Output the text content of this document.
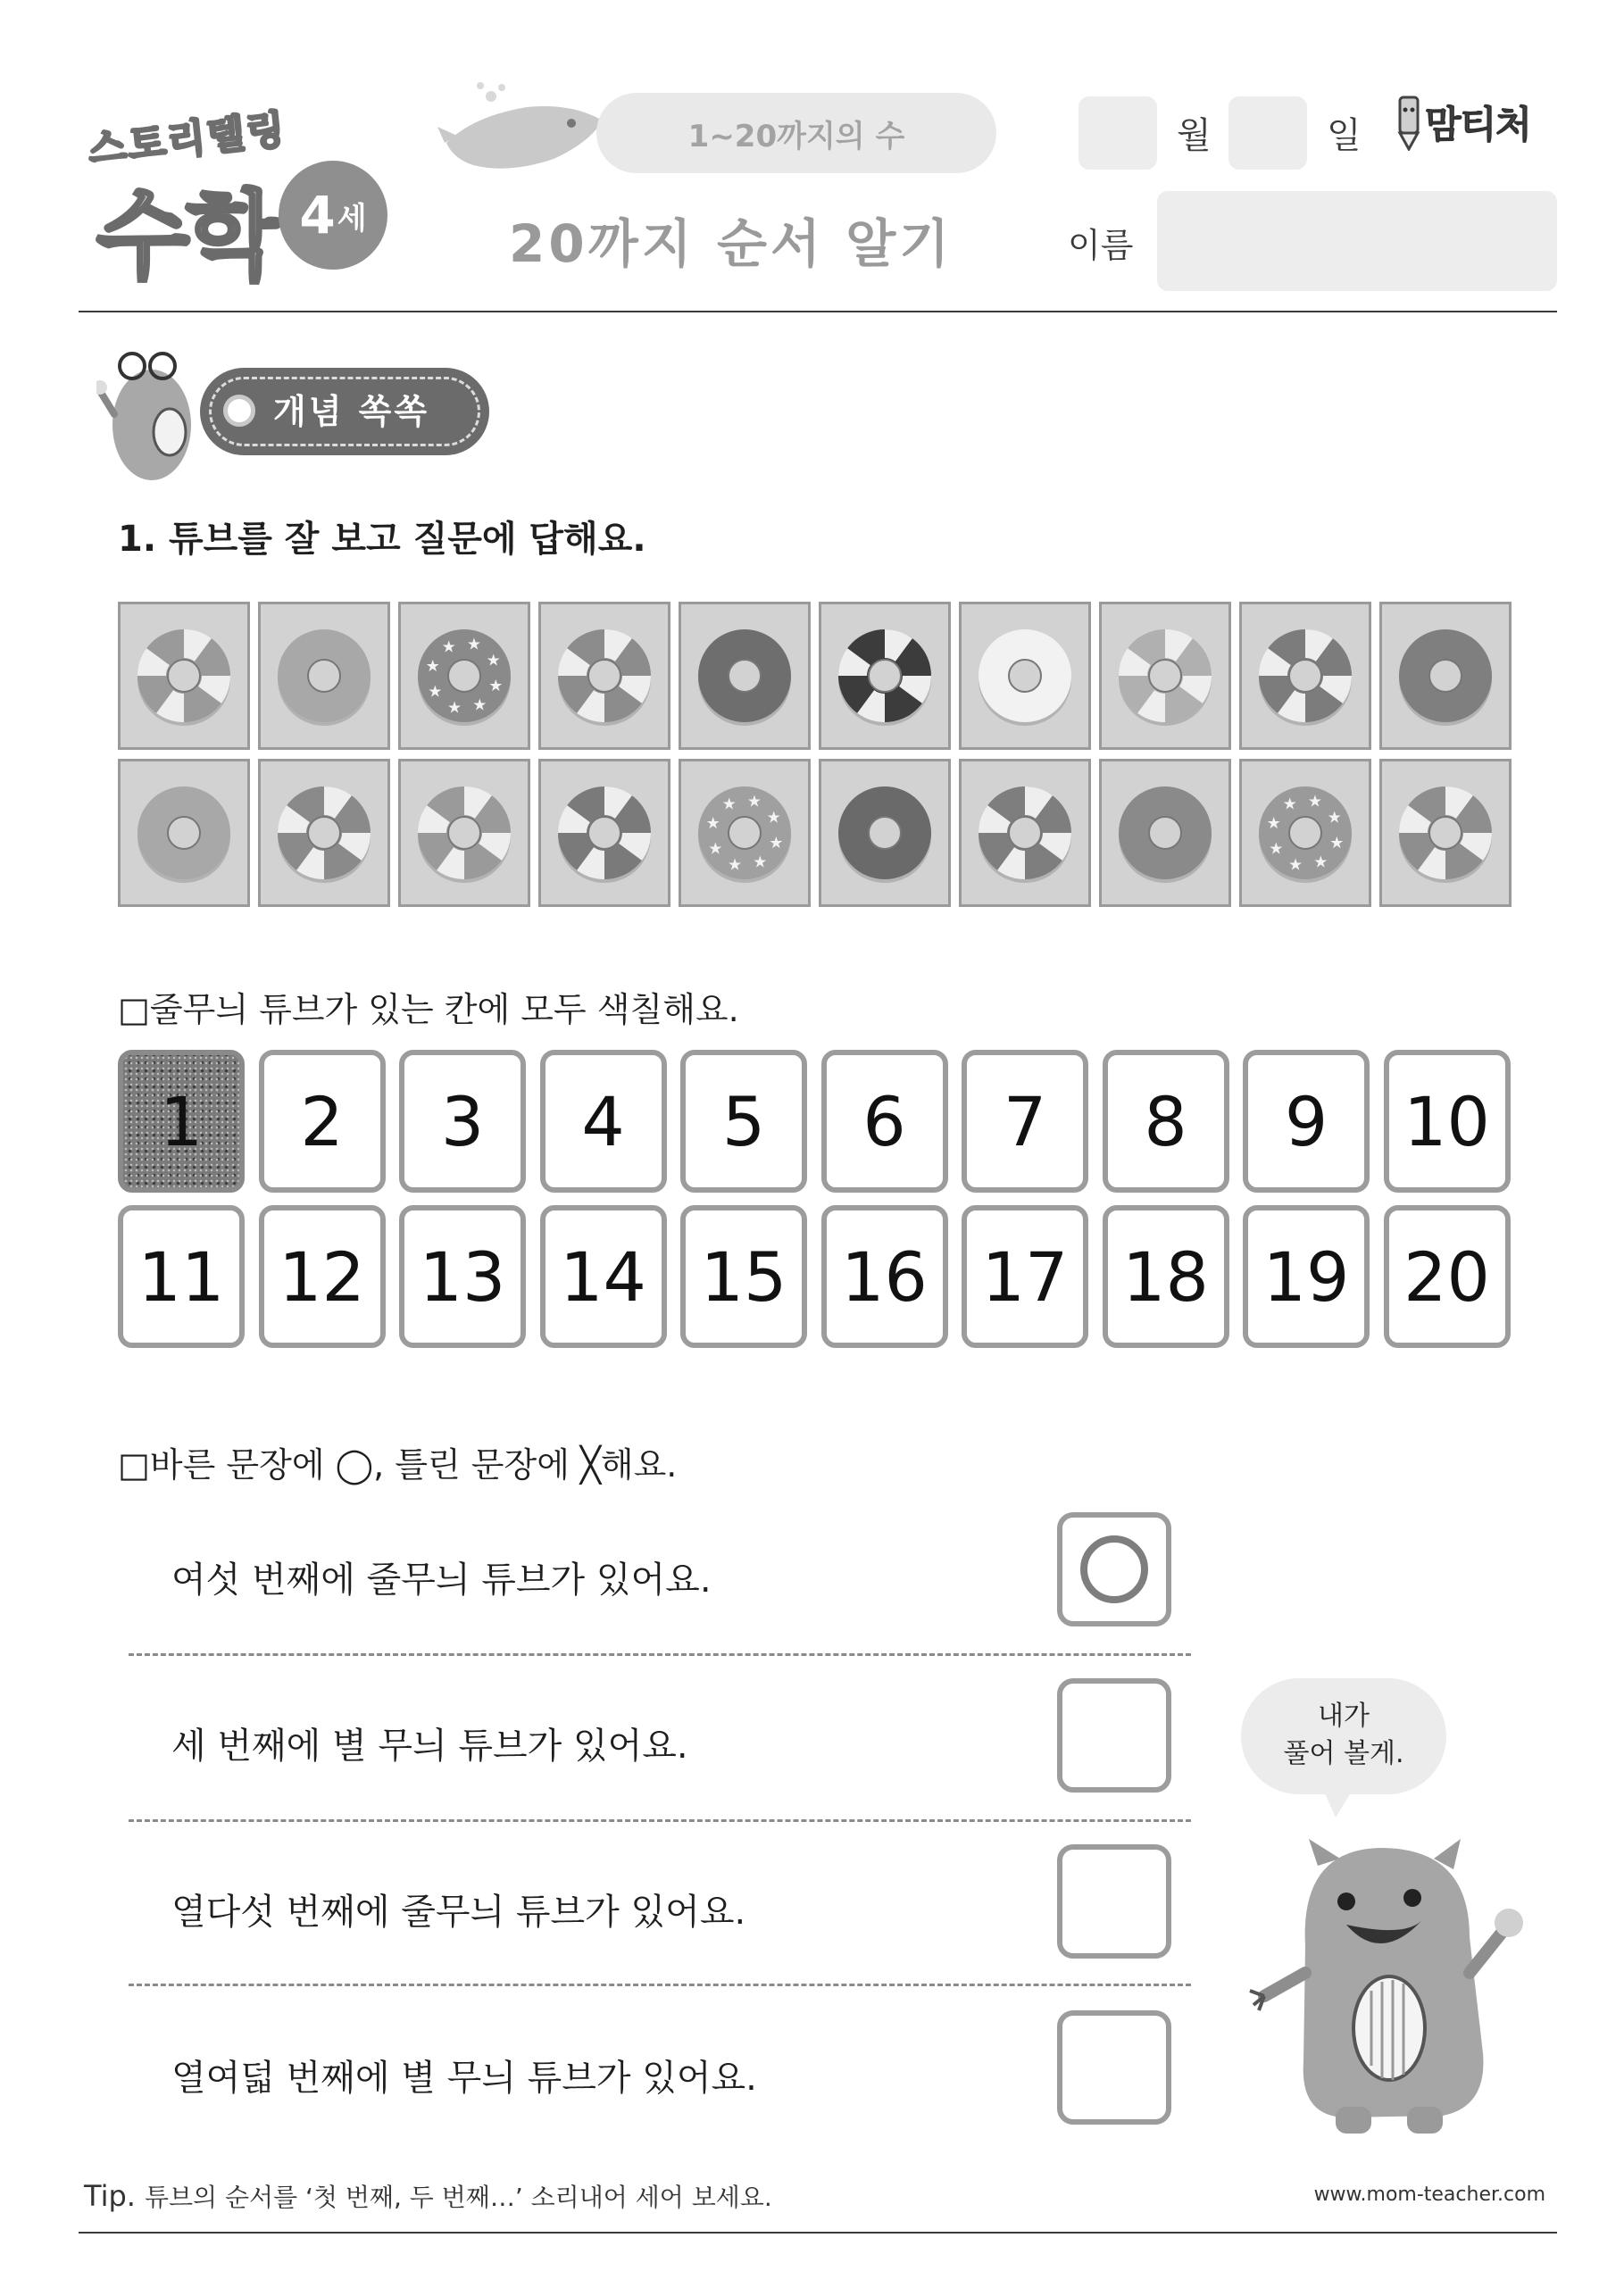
스토리텔링
수학 4 세
1~20까지의 수
20까지 순서 알기
월	일 맘티처
이름
개념 쏙쏙
1. 튜브를 잘 보고 질문에 답해요.
★
★
★
★
★
★ ★
★
★
★
★
★
★
★ ★
★
★
★
★
★
★
★ ★
★
□줄무늬 튜브가 있는 칸에 모두 색칠해요.
1	2	3	4	5	6	7	8	9	10
11 12 13 14 15 16 17 18 19 20
□바른 문장에 ◯, 틀린 문장에 ╳해요.
여섯 번째에 줄무늬 튜브가 있어요.
세 번째에 별 무늬 튜브가 있어요.
열다섯 번째에 줄무늬 튜브가 있어요.
열여덟 번째에 별 무늬 튜브가 있어요.
내가
풀어 볼게.
Tip. 튜브의 순서를 ‘첫 번째, 두 번째…’ 소리내어 세어 보세요.	www.mom-teacher.com
